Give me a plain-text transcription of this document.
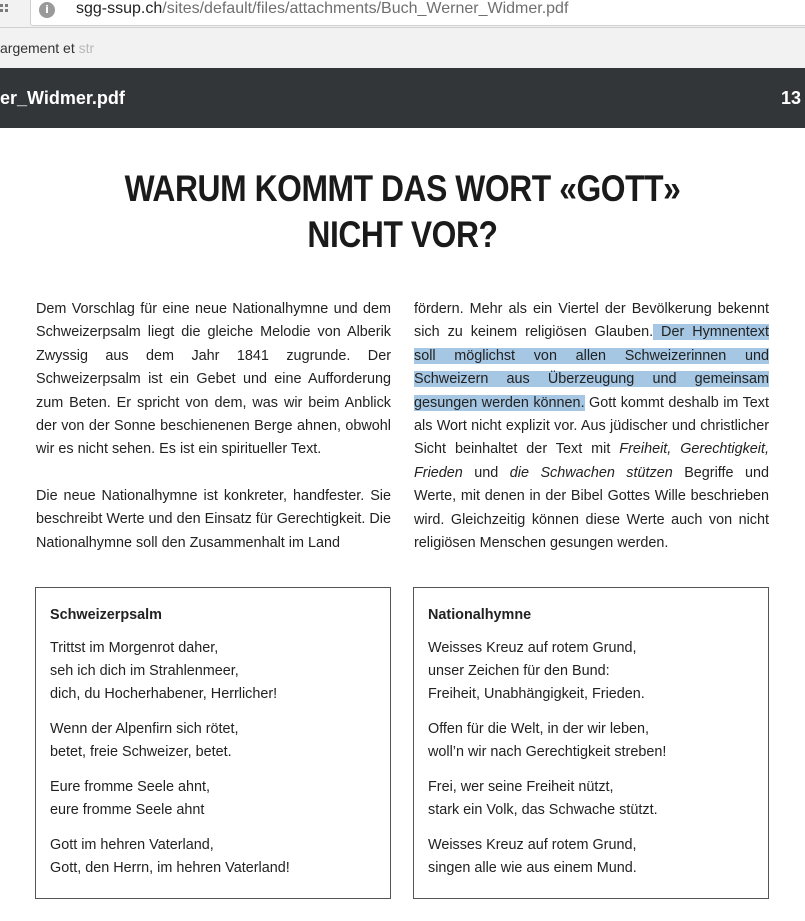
i	sgg-ssup.ch/sites/default/files/attachments/Buch_Werner_Widmer.pdf
argement et str
er_Widmer.pdf	13
WARUM KOMMT DAS WORT «GOTT»
NICHT VOR?

Dem Vorschlag für eine neue Nationalhymne und dem Schweizerpsalm liegt die gleiche Melodie von Alberik Zwyssig aus dem Jahr 1841 zugrunde. Der Schweizerpsalm ist ein Gebet und eine Aufforderung zum Beten. Er spricht von dem, was wir beim Anblick der von der Sonne beschienenen Berge ahnen, obwohl wir es nicht sehen. Es ist ein spiritueller Text.

Die neue Nationalhymne ist konkreter, handfester. Sie beschreibt Werte und den Einsatz für Gerechtigkeit. Die Nationalhymne soll den Zusammenhalt im Land

fördern. Mehr als ein Viertel der Bevölkerung bekennt sich zu keinem religiösen Glauben. Der Hymnentext soll möglichst von allen Schweizerinnen und Schweizern aus Überzeugung und gemeinsam gesungen werden können. Gott kommt deshalb im Text als Wort nicht explizit vor. Aus jüdischer und christlicher Sicht beinhaltet der Text mit Freiheit, Gerechtigkeit, Frieden und die Schwachen stützen Begriffe und Werte, mit denen in der Bibel Gottes Wille beschrieben wird. Gleichzeitig können diese Werte auch von nicht religiösen Menschen gesungen werden.

Schweizerpsalm
Trittst im Morgenrot daher,
seh ich dich im Strahlenmeer,
dich, du Hocherhabener, Herrlicher!
Wenn der Alpenfirn sich rötet,
betet, freie Schweizer, betet.
Eure fromme Seele ahnt,
eure fromme Seele ahnt
Gott im hehren Vaterland,
Gott, den Herrn, im hehren Vaterland!
Nationalhymne
Weisses Kreuz auf rotem Grund,
unser Zeichen für den Bund:
Freiheit, Unabhängigkeit, Frieden.
Offen für die Welt, in der wir leben,
woll’n wir nach Gerechtigkeit streben!
Frei, wer seine Freiheit nützt,
stark ein Volk, das Schwache stützt.
Weisses Kreuz auf rotem Grund,
singen alle wie aus einem Mund.
